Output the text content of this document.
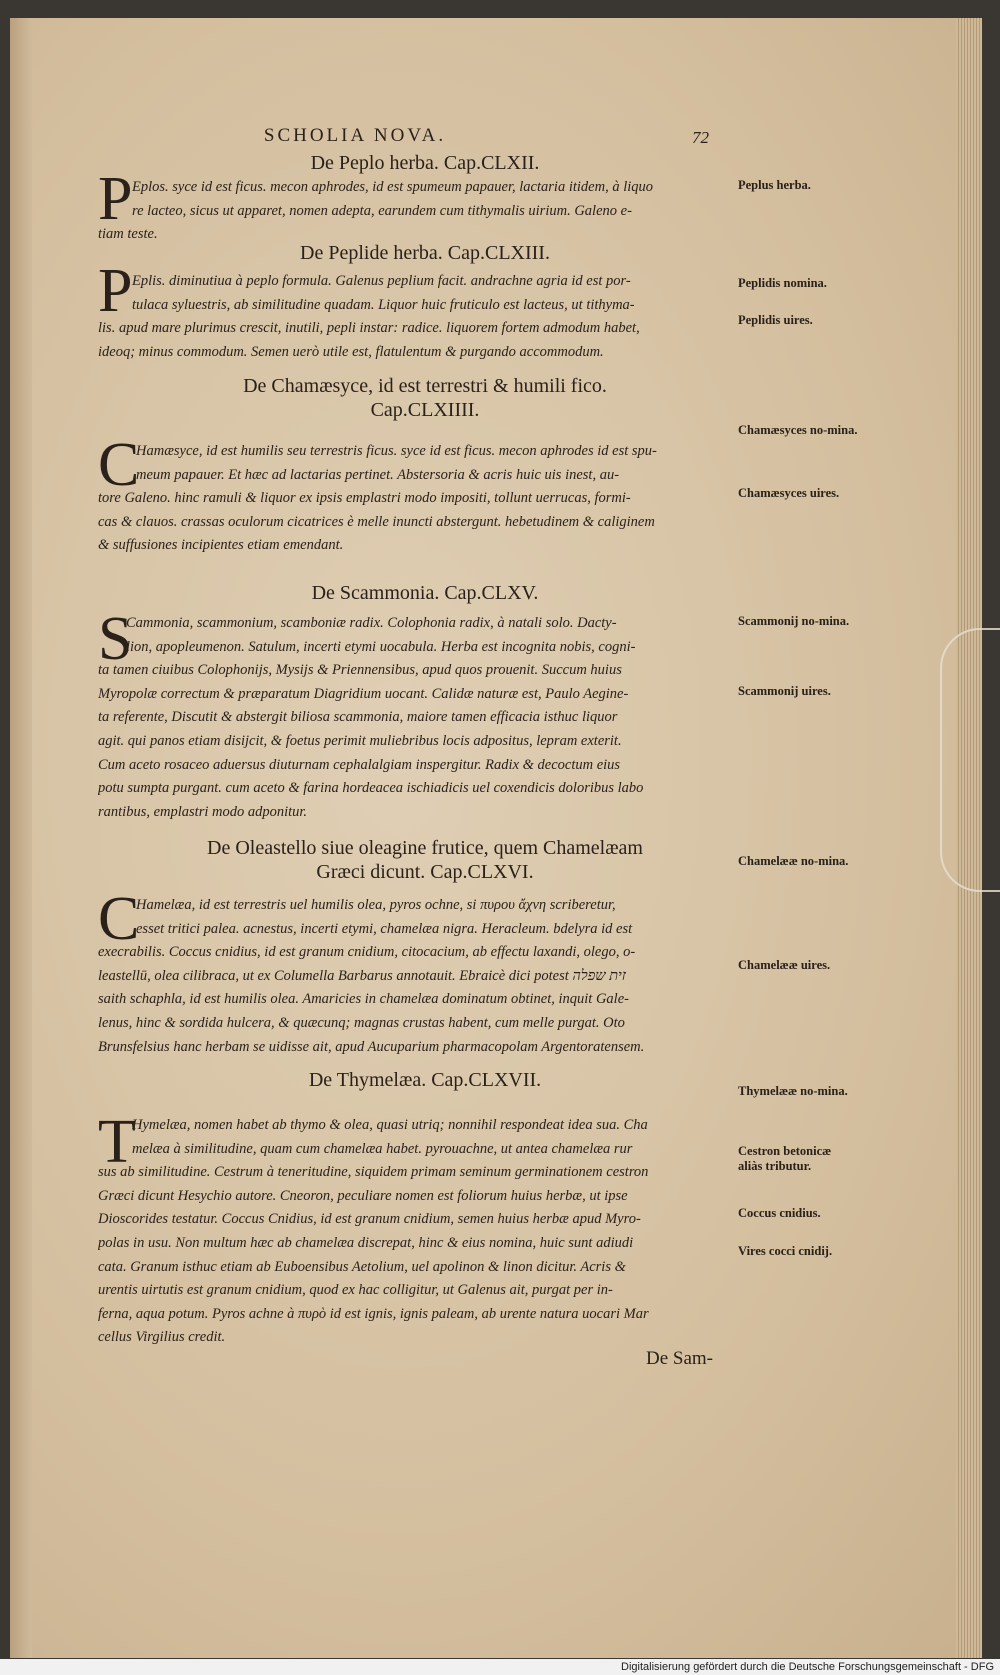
SCHOLIA NOVA.	72
De Peplo herba. Cap.CLXII.
P Eplos. syce id est ficus. mecon aphrodes, id est spumeum papauer, lactaria itidem, à liquo
re lacteo, sicus ut apparet, nomen adepta, earundem cum tithymalis uirium. Galeno e-
tiam teste.
De Peplide herba. Cap.CLXIII.
P Eplis. diminutiua à peplo formula. Galenus peplium facit. andrachne agria id est por-
tulaca syluestris, ab similitudine quadam. Liquor huic fruticulo est lacteus, ut tithyma-
lis. apud mare plurimus crescit, inutili, pepli instar: radice. liquorem fortem admodum habet,
ideoq; minus commodum. Semen uerò utile est, flatulentum & purgando accommodum.
De Chamæsyce, id est terrestri & humili fico.
Cap.CLXIIII.
C
Hamæsyce, id est humilis seu terrestris ficus. syce id est ficus. mecon aphrodes id est spu-
meum papauer. Et hæc ad lactarias pertinet. Abstersoria & acris huic uis inest, au-
tore Galeno. hinc ramuli & liquor ex ipsis emplastri modo impositi, tollunt uerrucas, formi-
cas & clauos. crassas oculorum cicatrices è melle inuncti abstergunt. hebetudinem & caliginem
& suffusiones incipientes etiam emendant.
De Scammonia. Cap.CLXV.
S
Cammonia, scammonium, scamboniæ radix. Colophonia radix, à natali solo. Dacty-
lion, apopleumenon. Satulum, incerti etymi uocabula. Herba est incognita nobis, cogni-
ta tamen ciuibus Colophonijs, Mysijs & Priennensibus, apud quos prouenit. Succum huius
Myropolæ correctum & præparatum Diagridium uocant. Calidæ naturæ est, Paulo Aegine-
ta referente, Discutit & abstergit biliosa scammonia, maiore tamen efficacia isthuc liquor
agit. qui panos etiam disijcit, & foetus perimit muliebribus locis adpositus, lepram exterit.
Cum aceto rosaceo aduersus diuturnam cephalalgiam inspergitur. Radix & decoctum eius
potu sumpta purgant. cum aceto & farina hordeacea ischiadicis uel coxendicis doloribus labo
rantibus, emplastri modo adponitur.
De Oleastello siue oleagine frutice, quem Chamelæam
Græci dicunt. Cap.CLXVI.
C
Hamelæa, id est terrestris uel humilis olea, pyros ochne, si πυρου ἄχνη scriberetur,
esset tritici palea. acnestus, incerti etymi, chamelæa nigra. Heracleum. bdelyra id est
execrabilis. Coccus cnidius, id est granum cnidium, citocacium, ab effectu laxandi, olego, o-
leastellū, olea cilibraca, ut ex Columella Barbarus annotauit. Ebraicè dici potest זית שפלה
saith schaphla, id est humilis olea. Amaricies in chamelæa dominatum obtinet, inquit Gale-
lenus, hinc & sordida hulcera, & quæcunq; magnas crustas habent, cum melle purgat. Oto
Brunsfelsius hanc herbam se uidisse ait, apud Aucuparium pharmacopolam Argentoratensem.
De Thymelæa. Cap.CLXVII.
T
Hymelæa, nomen habet ab thymo & olea, quasi utriq; nonnihil respondeat idea sua. Cha
melæa à similitudine, quam cum chamelæa habet. pyrouachne, ut antea chamelæa rur
sus ab similitudine. Cestrum à teneritudine, siquidem primam seminum germinationem cestron
Græci dicunt Hesychio autore. Cneoron, peculiare nomen est foliorum huius herbæ, ut ipse
Dioscorides testatur. Coccus Cnidius, id est granum cnidium, semen huius herbæ apud Myro-
polas in usu. Non multum hæc ab chamelæa discrepat, hinc & eius nomina, huic sunt adiudi
cata. Granum isthuc etiam ab Euboensibus Aetolium, uel apolinon & linon dicitur. Acris &
urentis uirtutis est granum cnidium, quod ex hac colligitur, ut Galenus ait, purgat per in-
ferna, aqua potum. Pyros achne à πυρὸ id est ignis, ignis paleam, ab urente natura uocari Mar
cellus Virgilius credit.
Peplus herba.
Peplidis nomina.
Peplidis uires.
Chamæsyces no-mina.
Chamæsyces uires.
Scammonij no-mina.
Scammonij uires.
Chamelææ no-mina.
Chamelææ uires.
Thymelææ no-mina.
Cestron betonicæ aliàs tributur.
Coccus cnidius.
Vires cocci cnidij.
De Sam-
Digitalisierung gefördert durch die Deutsche Forschungsgemeinschaft - DFG
